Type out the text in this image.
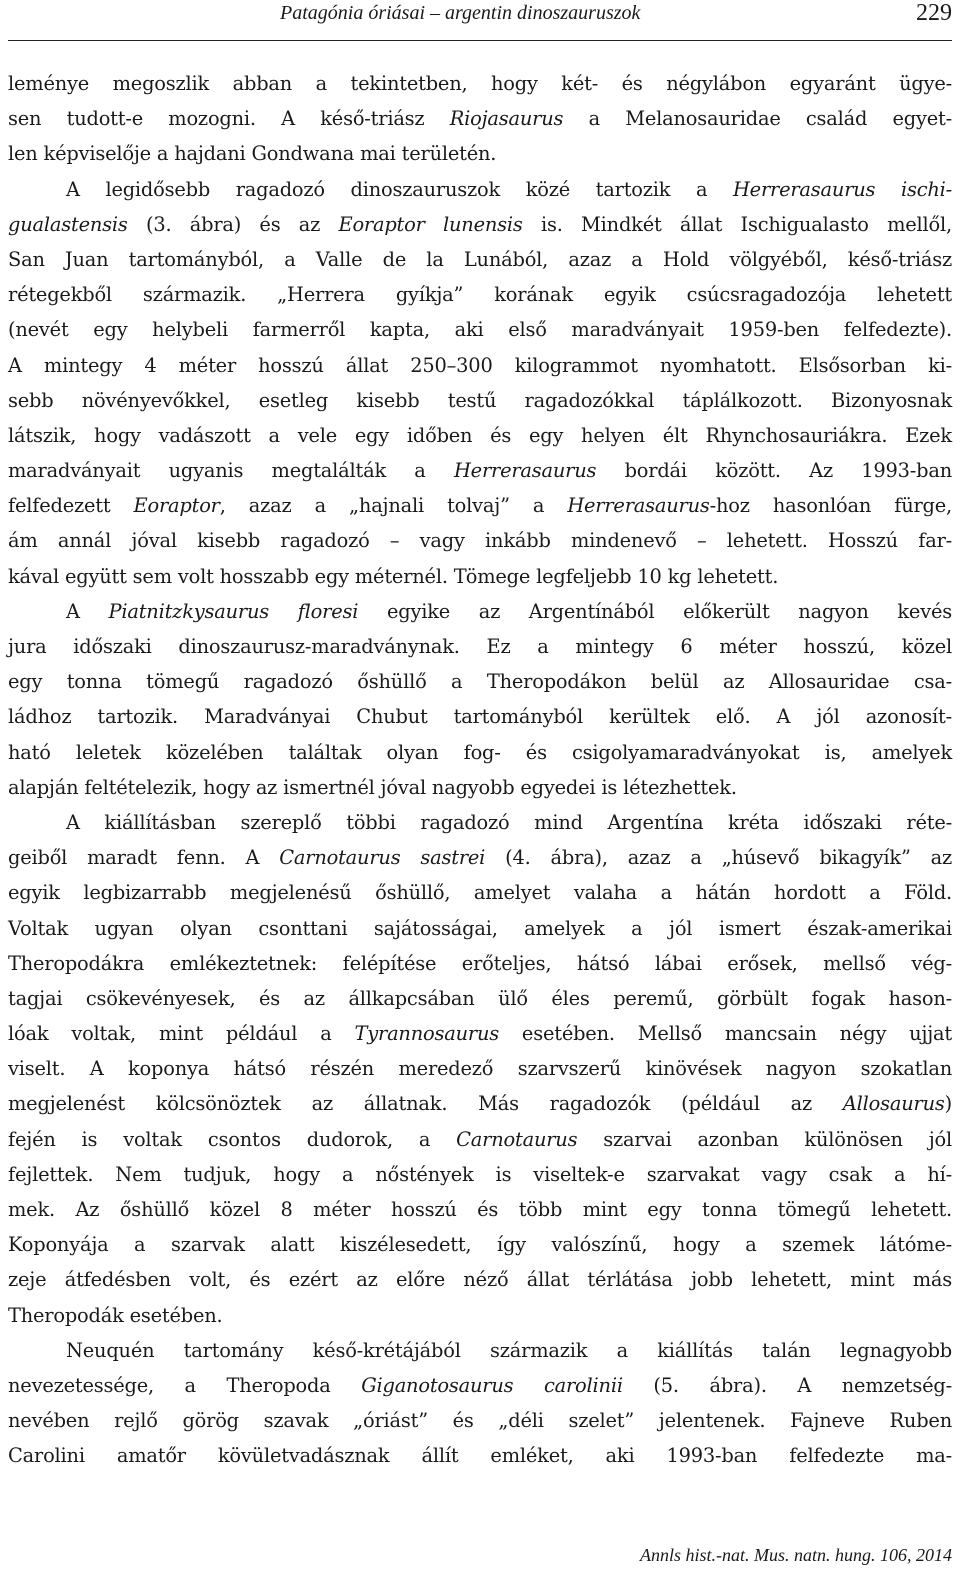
Patagónia óriásai – argentin dinoszauruszok	229
leménye megoszlik abban a tekintetben, hogy két- és négylábon egyaránt ügye-
sen tudott-e mozogni. A késő-triász Riojasaurus a Melanosauridae család egyet-
len képviselője a hajdani Gondwana mai területén.
A legidősebb ragadozó dinoszauruszok közé tartozik a Herrerasaurus ischi-
gualastensis (3. ábra) és az Eoraptor lunensis is. Mindkét állat Ischigualasto mellől,
San Juan tartományból, a Valle de la Lunából, azaz a Hold völgyéből, késő-triász
rétegekből származik. „Herrera gyíkja” korának egyik csúcsragadozója lehetett
(nevét egy helybeli farmerről kapta, aki első maradványait 1959-ben felfedezte).
A mintegy 4 méter hosszú állat 250–300 kilogrammot nyomhatott. Elsősorban ki-
sebb növényevőkkel, esetleg kisebb testű ragadozókkal táplálkozott. Bizonyosnak
látszik, hogy vadászott a vele egy időben és egy helyen élt Rhynchosauriákra. Ezek
maradványait ugyanis megtalálták a Herrerasaurus bordái között. Az 1993-ban
felfedezett Eoraptor, azaz a „hajnali tolvaj” a Herrerasaurus-hoz hasonlóan fürge,
ám annál jóval kisebb ragadozó – vagy inkább mindenevő – lehetett. Hosszú far-
kával együtt sem volt hosszabb egy méternél. Tömege legfeljebb 10 kg lehetett.
A Piatnitzkysaurus floresi egyike az Argentínából előkerült nagyon kevés
jura időszaki dinoszaurusz-maradványnak. Ez a mintegy 6 méter hosszú, közel
egy tonna tömegű ragadozó őshüllő a Theropodákon belül az Allosauridae csa-
ládhoz tartozik. Maradványai Chubut tartományból kerültek elő. A jól azonosít-
ható leletek közelében találtak olyan fog- és csigolyamaradványokat is, amelyek
alapján feltételezik, hogy az ismertnél jóval nagyobb egyedei is létezhettek.
A kiállításban szereplő többi ragadozó mind Argentína kréta időszaki réte-
geiből maradt fenn. A Carnotaurus sastrei (4. ábra), azaz a „húsevő bikagyík” az
egyik legbizarrabb megjelenésű őshüllő, amelyet valaha a hátán hordott a Föld.
Voltak ugyan olyan csonttani sajátosságai, amelyek a jól ismert észak-amerikai
Theropodákra emlékeztetnek: felépítése erőteljes, hátsó lábai erősek, mellső vég-
tagjai csökevényesek, és az állkapcsában ülő éles peremű, görbült fogak hason-
lóak voltak, mint például a Tyrannosaurus esetében. Mellső mancsain négy ujjat
viselt. A koponya hátsó részén meredező szarvszerű kinövések nagyon szokatlan
megjelenést kölcsönöztek az állatnak. Más ragadozók (például az Allosaurus)
fején is voltak csontos dudorok, a Carnotaurus szarvai azonban különösen jól
fejlettek. Nem tudjuk, hogy a nőstények is viseltek-e szarvakat vagy csak a hí-
mek. Az őshüllő közel 8 méter hosszú és több mint egy tonna tömegű lehetett.
Koponyája a szarvak alatt kiszélesedett, így valószínű, hogy a szemek látóme-
zeje átfedésben volt, és ezért az előre néző állat térlátása jobb lehetett, mint más
Theropodák esetében.
Neuquén tartomány késő-krétájából származik a kiállítás talán legnagyobb
nevezetessége, a Theropoda Giganotosaurus carolinii (5. ábra). A nemzetség-
nevében rejlő görög szavak „óriást” és „déli szelet” jelentenek. Fajneve Ruben
Carolini amatőr kövületvadásznak állít emléket, aki 1993-ban felfedezte ma-
Annls hist.-nat. Mus. natn. hung. 106, 2014
